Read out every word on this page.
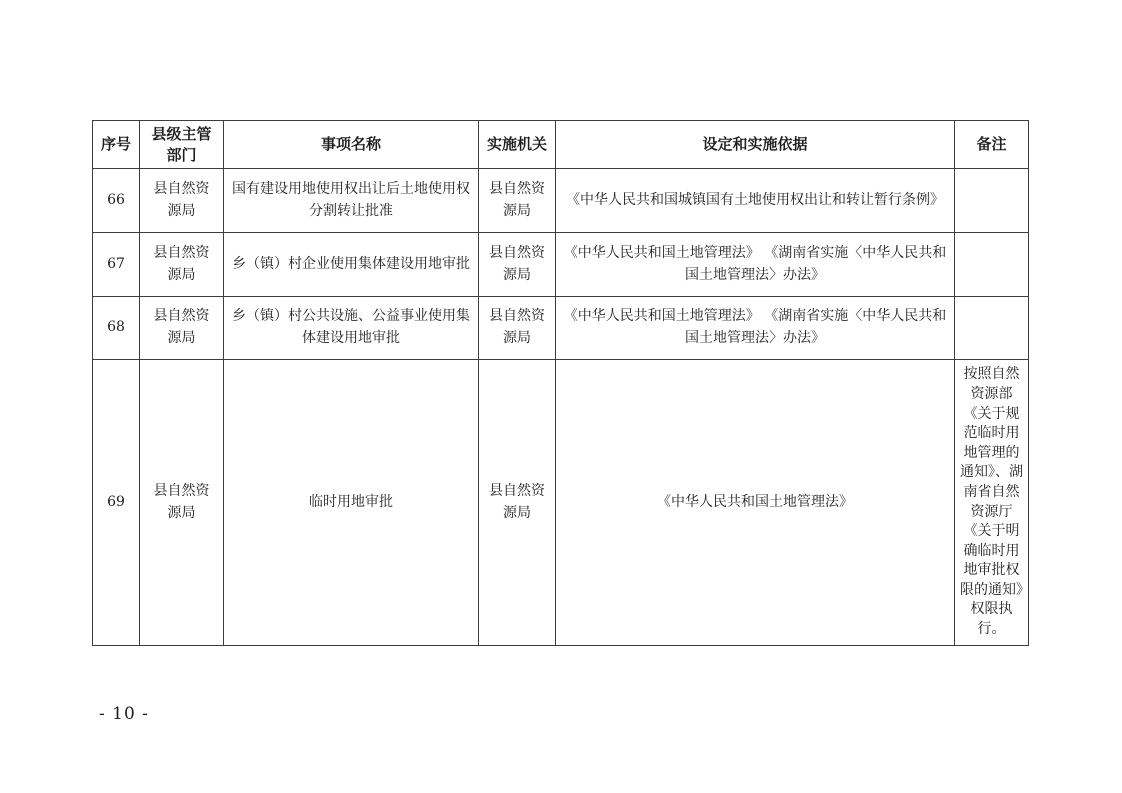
序号	县级主管部门	事项名称	实施机关	设定和实施依据	备注
66	县自然资源局	国有建设用地使用权出让后土地使用权分割转让批准	县自然资源局	《中华人民共和国城镇国有土地使用权出让和转让暂行条例》	
67	县自然资源局	乡（镇）村企业使用集体建设用地审批	县自然资源局	《中华人民共和国土地管理法》 《湖南省实施〈中华人民共和国土地管理法〉办法》	
68	县自然资源局	乡（镇）村公共设施、公益事业使用集体建设用地审批	县自然资源局	《中华人民共和国土地管理法》 《湖南省实施〈中华人民共和国土地管理法〉办法》	
69	县自然资源局	临时用地审批	县自然资源局	《中华人民共和国土地管理法》	按照自然资源部《关于规范临时用地管理的通知》、湖南省自然资源厅《关于明确临时用地审批权限的通知》权限执行。
- 10 -
